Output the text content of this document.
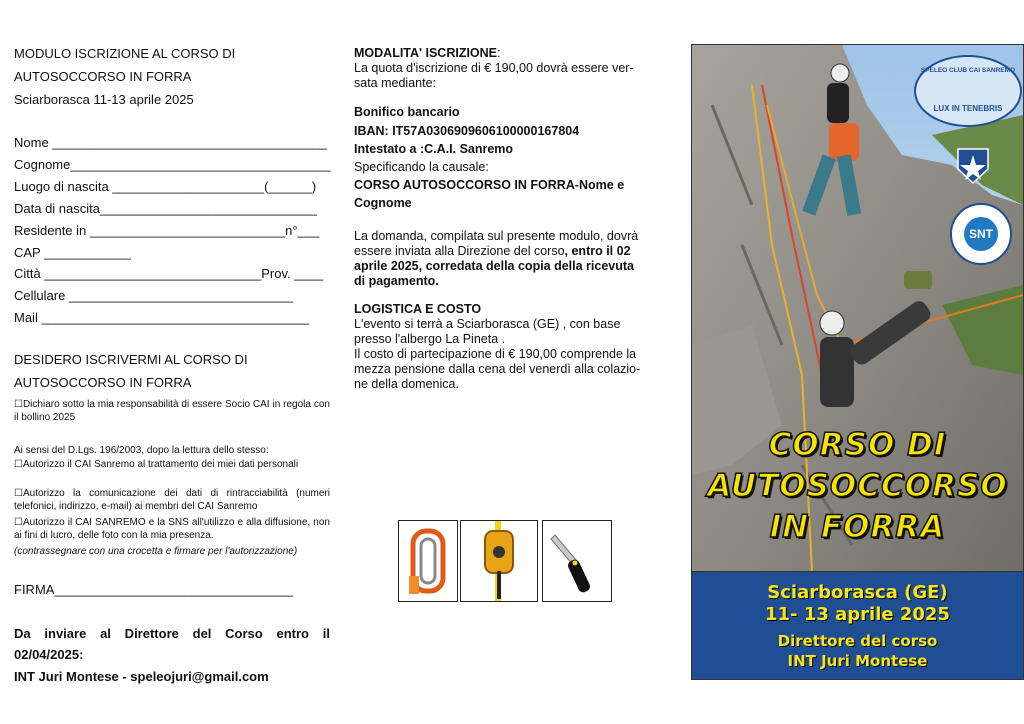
MODULO ISCRIZIONE AL CORSO DI
AUTOSOCCORSO IN FORRA
Sciarborasca 11-13 aprile 2025
Nome ______________________________________
Cognome____________________________________
Luogo di nascita _____________________(______)
Data di nascita______________________________
Residente in ___________________________n°___
CAP ____________
Città ______________________________Prov. ____
Cellulare _______________________________
Mail _____________________________________
DESIDERO ISCRIVERMI AL CORSO DI
AUTOSOCCORSO IN FORRA
☐Dichiaro sotto la mia responsabilità di essere Socio CAI in regola con il bollino 2025
Ai sensi del D.Lgs. 196/2003, dopo la lettura dello stesso:
☐Autorizzo il CAI Sanremo al trattamento dei miei dati personali
☐Autorizzo la comunicazione dei dati di rintracciabilità (numeri telefonici, indirizzo, e-mail) ai membri del CAI Sanremo
☐Autorizzo il CAI SANREMO e la SNS all'utilizzo e alla diffusione, non ai fini di lucro, delle foto con la mia presenza.
(contrassegnare con una crocetta e firmare per l'autorizzazione)
FIRMA_________________________________
Da inviare al Direttore del Corso entro il
02/04/2025:
INT Juri Montese - speleojuri@gmail.com
MODALITA' ISCRIZIONE:
La quota d'iscrizione di € 190,00 dovrà essere ver-
sata mediante:
Bonifico bancario
IBAN: IT57A0306909606100000167804
Intestato a :C.A.I. Sanremo
Specificando la causale:
CORSO AUTOSOCCORSO IN FORRA-Nome e
Cognome
La domanda, compilata sul presente modulo, dovrà
essere inviata alla Direzione del corso, entro il 02
aprile 2025, corredata della copia della ricevuta
di pagamento.
LOGISTICA E COSTO
L'evento si terrà a Sciarborasca (GE) , con base
presso l'albergo La Pineta .
Il costo di partecipazione di € 190,00 comprende la
mezza pensione dalla cena del venerdì alla colazio-
ne della domenica.
SPELEO CLUB CAI SANREMO
LUX IN TENEBRIS
SNT
CORSO DI
AUTOSOCCORSO
IN FORRA
Sciarborasca (GE)
11- 13 aprile 2025
Direttore del corso
INT Juri Montese
